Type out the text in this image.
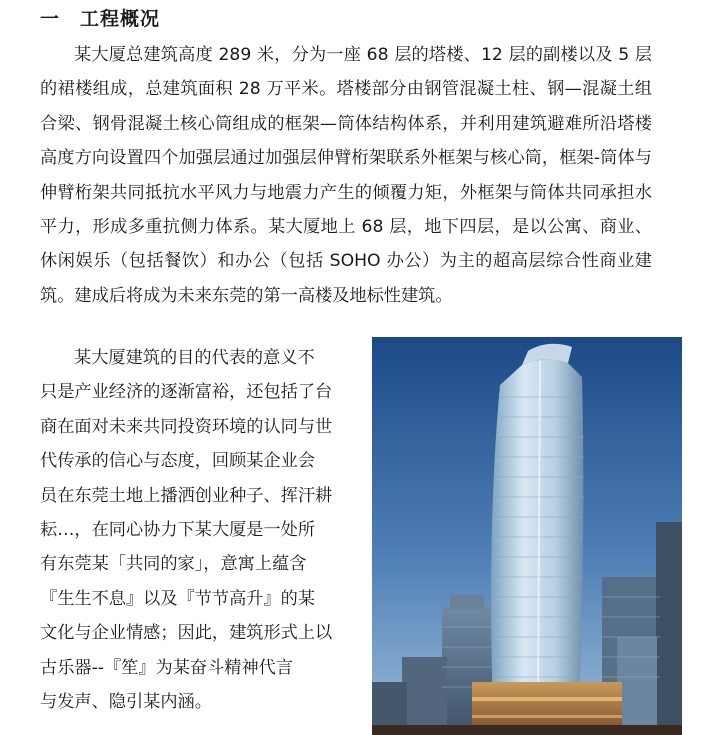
一 工程概况

某大厦总建筑高度 289 米，分为一座 68 层的塔楼、12 层的副楼以及 5 层的裙楼组成，总建筑面积 28 万平米。塔楼部分由钢管混凝土柱、钢—混凝土组合梁、钢骨混凝土核心筒组成的框架—筒体结构体系，并利用建筑避难所沿塔楼高度方向设置四个加强层通过加强层伸臂桁架联系外框架与核心筒，框架-筒体与伸臂桁架共同抵抗水平风力与地震力产生的倾覆力矩，外框架与筒体共同承担水平力，形成多重抗侧力体系。某大厦地上 68 层，地下四层，是以公寓、商业、休闲娱乐（包括餐饮）和办公（包括 SOHO 办公）为主的超高层综合性商业建筑。建成后将成为未来东莞的第一高楼及地标性建筑。

某大厦建筑的目的代表的意义不
只是产业经济的逐渐富裕，还包括了台
商在面对未来共同投资环境的认同与世
代传承的信心与态度，回顾某企业会
员在东莞土地上播洒创业种子、挥汗耕
耘…，在同心协力下某大厦是一处所
有东莞某「共同的家」，意寓上蕴含
『生生不息』以及『节节高升』的某
文化与企业情感；因此，建筑形式上以
古乐器--『笙』为某奋斗精神代言
与发声、隐引某内涵。
